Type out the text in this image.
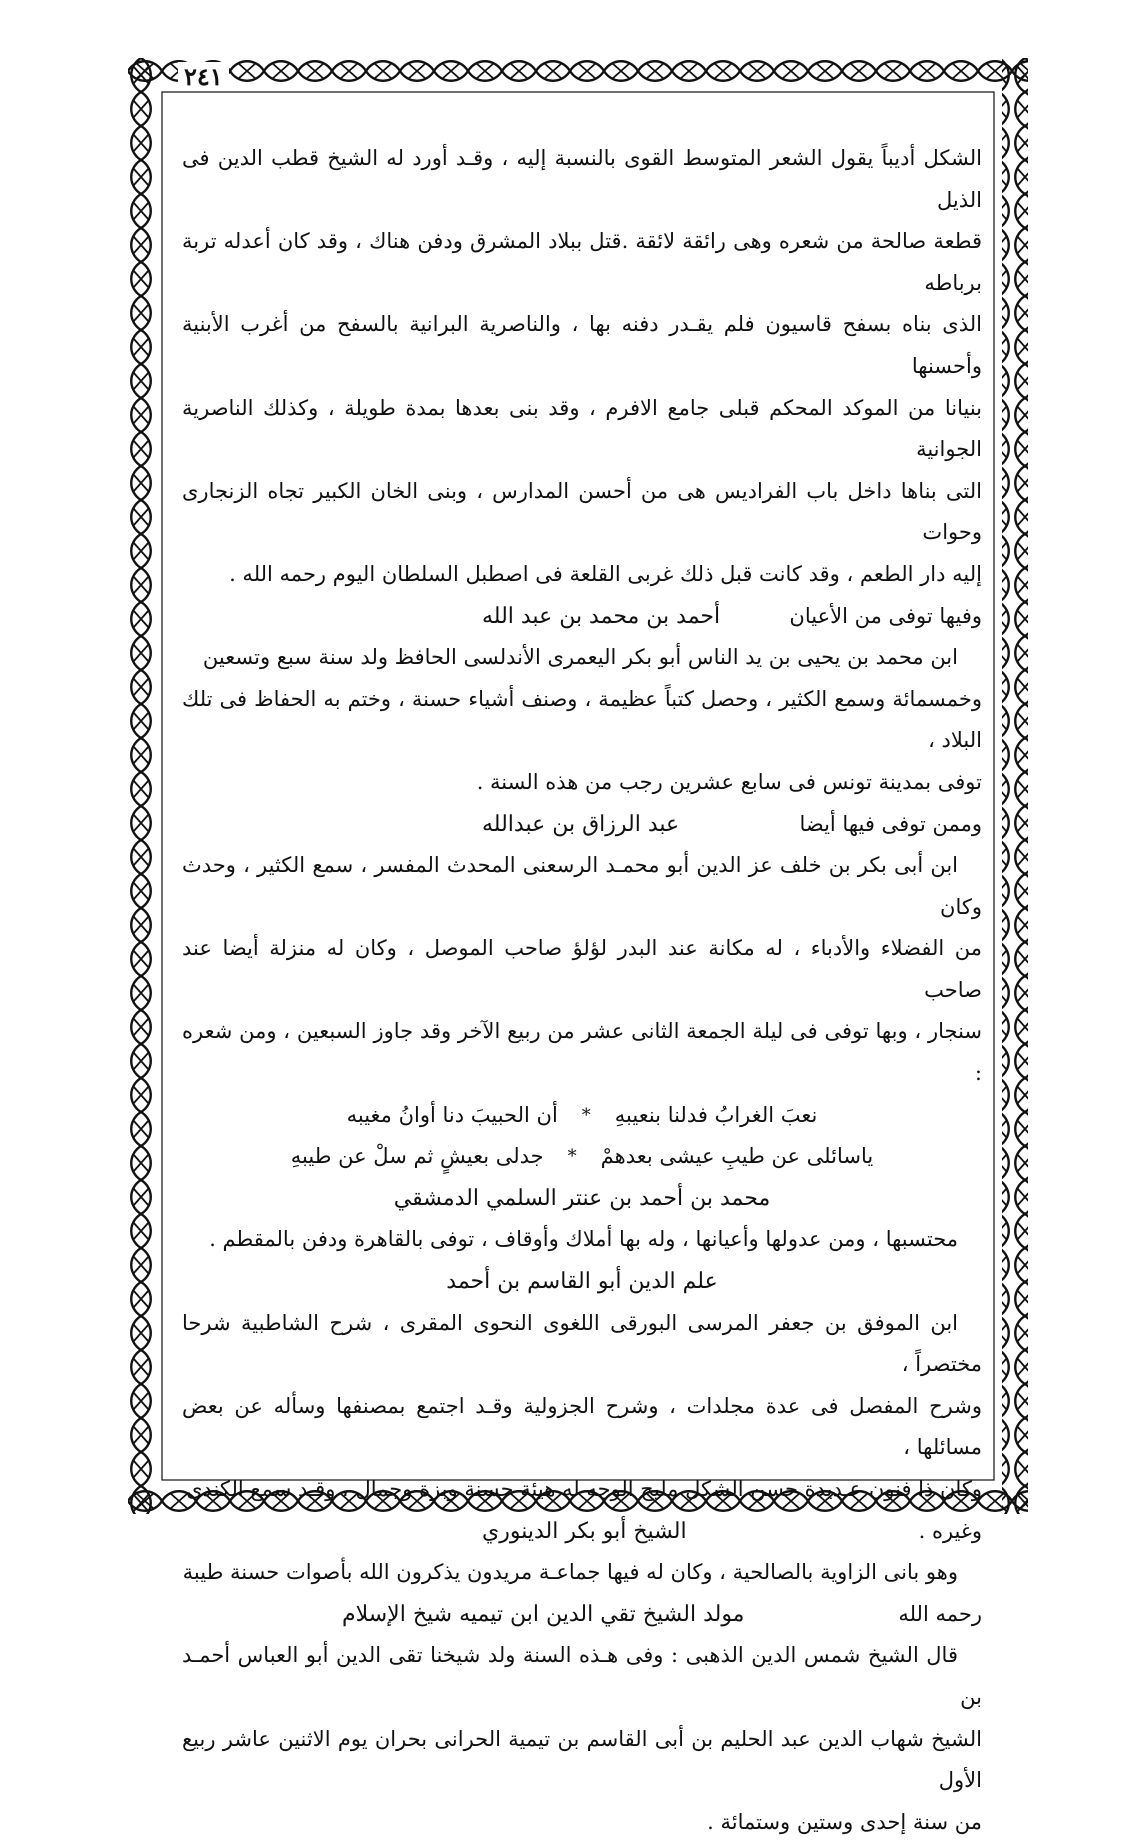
٢٤١

الشكل أديباً يقول الشعر المتوسط القوى بالنسبة إليه ، وقـد أورد له الشيخ قطب الدين فى الذيل

قطعة صالحة من شعره وهى رائقة لائقة .قتل ببلاد المشرق ودفن هناك ، وقد كان أعدله تربة برباطه

الذى بناه بسفح قاسيون فلم يقـدر دفنه بها ، والناصرية البرانية بالسفح من أغرب الأبنية وأحسنها

بنيانا من الموكد المحكم قبلى جامع الافرم ، وقد بنى بعدها بمدة طويلة ، وكذلك الناصرية الجوانية

التى بناها داخل باب الفراديس هى من أحسن المدارس ، وبنى الخان الكبير تجاه الزنجارى وحوات

إليه دار الطعم ، وقد كانت قبل ذلك غربى القلعة فى اصطبل السلطان اليوم رحمه الله .

وفيها توفى من الأعيان
أحمد بن محمد بن عبد الله

ابن محمد بن يحيى بن يد الناس أبو بكر اليعمرى الأندلسى الحافظ ولد سنة سبع وتسعين

وخمسمائة وسمع الكثير ، وحصل كتباً عظيمة ، وصنف أشياء حسنة ، وختم به الحفاظ فى تلك البلاد ،

توفى بمدينة تونس فى سابع عشرين رجب من هذه السنة .

وممن توفى فيها أيضا
عبد الرزاق بن عبدالله

ابن أبى بكر بن خلف عز الدين أبو محمـد الرسعنى المحدث المفسر ، سمع الكثير ، وحدث وكان

من الفضلاء والأدباء ، له مكانة عند البدر لؤلؤ صاحب الموصل ، وكان له منزلة أيضا عند صاحب

سنجار ، وبها توفى فى ليلة الجمعة الثانى عشر من ربيع الآخر وقد جاوز السبعين ، ومن شعره :

نعبَ الغرابُ فدلنا بنعيبهِ
*
أن الحبيبَ دنا أوانُ مغيبه
ياسائلى عن طيبِ عيشى بعدهمْ
*
جدلى بعيشٍ ثم سلْ عن طيبهِ

محمد بن أحمد بن عنتر السلمي الدمشقي

محتسبها ، ومن عدولها وأعيانها ، وله بها أملاك وأوقاف ، توفى بالقاهرة ودفن بالمقطم .

علم الدين أبو القاسم بن أحمد

ابن الموفق بن جعفر المرسى البورقى اللغوى النحوى المقرى ، شرح الشاطبية شرحا مختصراً ،

وشرح المفصل فى عدة مجلدات ، وشرح الجزولية وقـد اجتمع بمصنفها وسأله عن بعض مسائلها ،

وكان ذا فنون عـديدة حسن الشكل مليح الوجه له هيئة حسنة وبزة وجمال ، وقـد سمع الكندى

وغيره .
الشيخ أبو بكر الدينوري

وهو بانى الزاوية بالصالحية ، وكان له فيها جماعـة مريدون يذكرون الله بأصوات حسنة طيبة

رحمه الله
مولد الشيخ تقي الدين ابن تيميه شيخ الإسلام

قال الشيخ شمس الدين الذهبى : وفى هـذه السنة ولد شيخنا تقى الدين أبو العباس أحمـد بن

الشيخ شهاب الدين عبد الحليم بن أبى القاسم بن تيمية الحرانى بحران يوم الاثنين عاشر ربيع الأول

من سنة إحدى وستين وستمائة .
